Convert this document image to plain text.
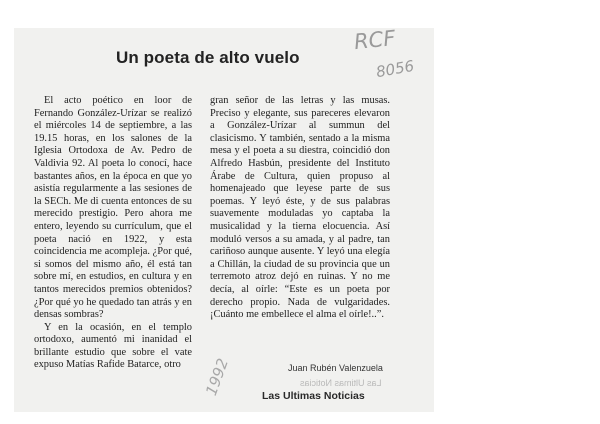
Un poeta de alto vuelo
RCF
8056
1992

El acto poético en loor de Fernando González-Urízar se realizó el miércoles 14 de septiembre, a las 19.15 horas, en los salones de la Iglesia Ortodoxa de Av. Pedro de Valdivia 92. Al poeta lo conocí, hace bastantes años, en la época en que yo asistía regularmente a las sesiones de la SECh. Me di cuenta entonces de su merecido prestigio. Pero ahora me entero, leyendo su currículum, que el poeta nació en 1922, y esta coincidencia me acompleja. ¿Por qué, si somos del mismo año, él está tan sobre mí, en estudios, en cultura y en tantos merecidos premios obtenidos? ¿Por qué yo he quedado tan atrás y en densas sombras?

Y en la ocasión, en el templo ortodoxo, aumentó mi inanidad el brillante estudio que sobre el vate expuso Matías Rafide Batarce, otro

gran señor de las letras y las musas. Preciso y elegante, sus pareceres elevaron a González-Urízar al summun del clasicismo. Y también, sentado a la misma mesa y el poeta a su diestra, coincidió don Alfredo Hasbún, presidente del Instituto Árabe de Cultura, quien propuso al homenajeado que leyese parte de sus poemas. Y leyó éste, y de sus palabras suavemente moduladas yo captaba la musicalidad y la tierna elocuencia. Así moduló versos a su amada, y al padre, tan cariñoso aunque ausente. Y leyó una elegía a Chillán, la ciudad de su provincia que un terremoto atroz dejó en ruinas. Y no me decía, al oírle: “Este es un poeta por derecho propio. Nada de vulgaridades. ¡Cuánto me embellece el alma el oírle!..”.

Juan Rubén Valenzuela
Las Ultimas Noticias
Las Ultimas Noticias
